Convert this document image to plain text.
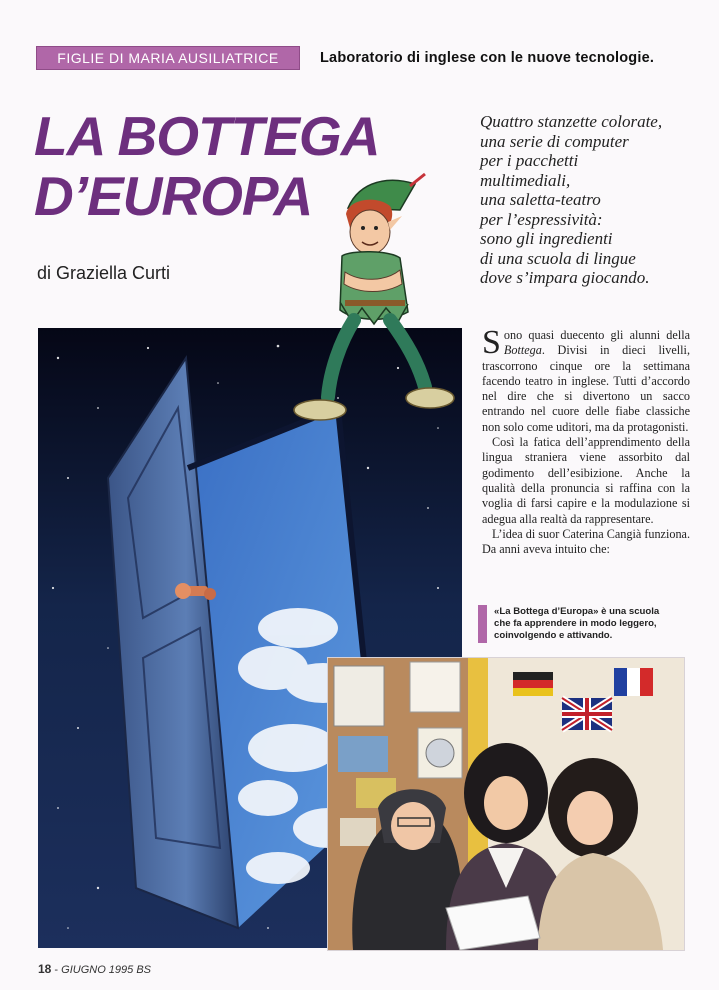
FIGLIE DI MARIA AUSILIATRICE	Laboratorio di inglese con le nuove tecnologie.
LA BOTTEGA
D’EUROPA
di Graziella Curti
Quattro stanzette colorate,
una serie di computer
per i pacchetti
multimediali,
una saletta-teatro
per l’espressività:
sono gli ingredienti
di una scuola di lingue
dove s’impara giocando.

Sono quasi duecento gli alunni della Bottega. Divisi in dieci livelli, trascorrono cinque ore la settimana facendo teatro in inglese. Tutti d’accordo nel dire che si divertono un sacco entrando nel cuore delle fiabe classiche non solo come uditori, ma da protagonisti.

Così la fatica dell’apprendimento della lingua straniera viene assorbito dal godimento dell’esibizione. Anche la qualità della pronuncia si raffina con la voglia di farsi capire e la modulazione si adegua alla realtà da rappresentare.

L’idea di suor Caterina Cangià funziona. Da anni aveva intuito che:

«La Bottega d’Europa» è una scuola che fa apprendere in modo leggero, coinvolgendo e attivando.
18 - GIUGNO 1995 BS
